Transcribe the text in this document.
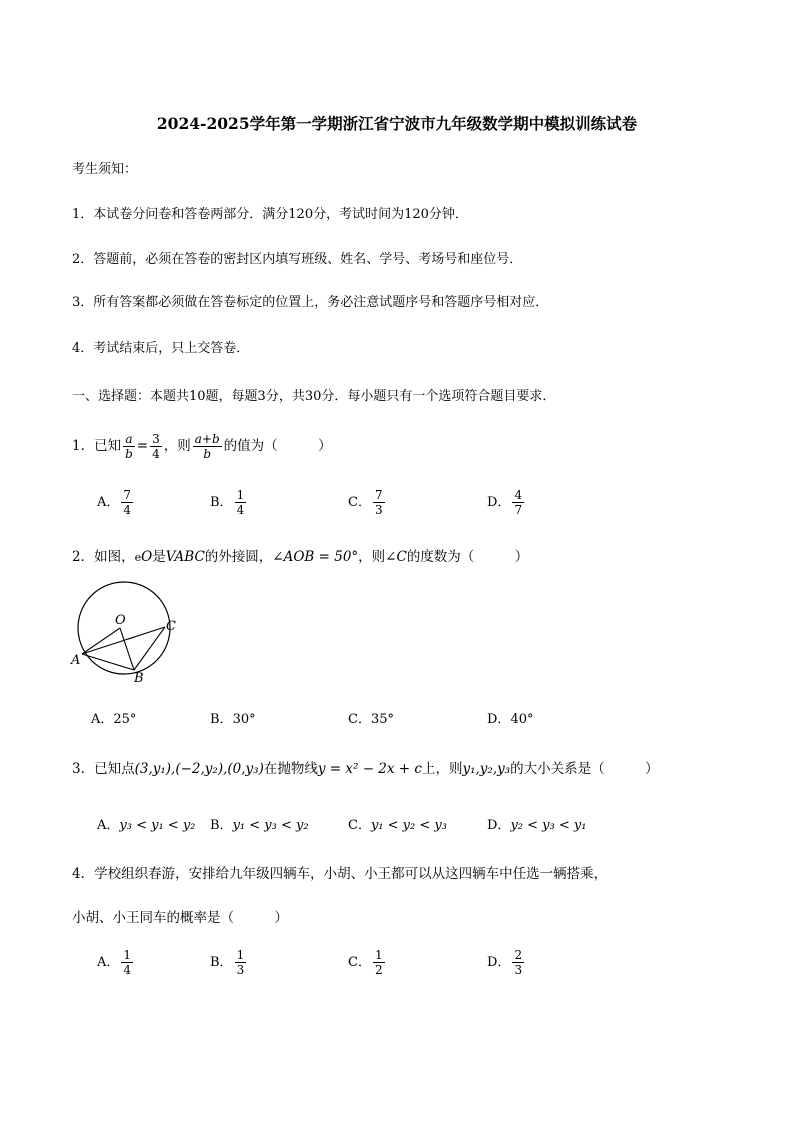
2024-2025学年第一学期浙江省宁波市九年级数学期中模拟训练试卷
考生须知：
1．本试卷分问卷和答卷两部分．满分120分，考试时间为120分钟．
2．答题前，必须在答卷的密封区内填写班级、姓名、学号、考场号和座位号．
3．所有答案都必须做在答卷标定的位置上，务必注意试题序号和答题序号相对应．
4．考试结束后，只上交答卷．
一、选择题：本题共10题，每题3分，共30分．每小题只有一个选项符合题目要求．
1．已知 $\frac{a}{b} = \frac{3}{4}$ ，则 $\frac{a+b}{b}$ 的值为（　　　）
A． $\frac{7}{4}$	B． $\frac{1}{4}$	C． $\frac{7}{3}$	D． $\frac{4}{7}$
2．如图，eO是VABC的外接圆，∠AOB = 50°，则∠C的度数为（　　　）
O
A
B
C
A．25°	B．30°	C．35°	D．40°
3．已知点(3,y₁),(−2,y₂),(0,y₃)在抛物线y = x² − 2x + c上，则y₁,y₂,y₃的大小关系是（　　　）
A．y₃ < y₁ < y₂ B．y₁ < y₃ < y₂	C．y₁ < y₂ < y₃	D．y₂ < y₃ < y₁
4．学校组织春游，安排给九年级四辆车，小胡、小王都可以从这四辆车中任选一辆搭乘，
小胡、小王同车的概率是（　　　）
A． $\frac{1}{4}$	B． $\frac{1}{3}$	C． $\frac{1}{2}$	D． $\frac{2}{3}$
